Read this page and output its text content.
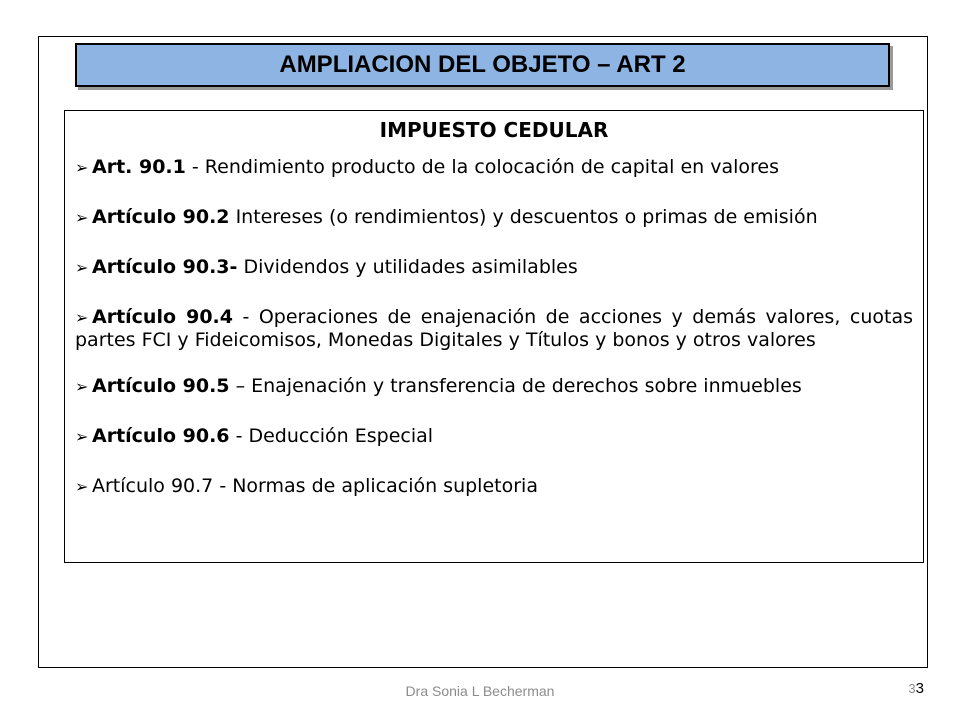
AMPLIACION DEL OBJETO – ART 2
IMPUESTO CEDULAR
➢ Art. 90.1 - Rendimiento producto de la colocación de capital en valores
➢ Artículo 90.2 Intereses (o rendimientos) y descuentos o primas de emisión
➢ Artículo 90.3- Dividendos y utilidades asimilables
➢ Artículo 90.4 - Operaciones de enajenación de acciones y demás valores, cuotas partes FCI y Fideicomisos, Monedas Digitales y Títulos y bonos y otros valores
➢ Artículo 90.5 – Enajenación y transferencia de derechos sobre inmuebles
➢ Artículo 90.6 - Deducción Especial
➢ Artículo 90.7 - Normas de aplicación supletoria
Dra Sonia L Becherman	33
